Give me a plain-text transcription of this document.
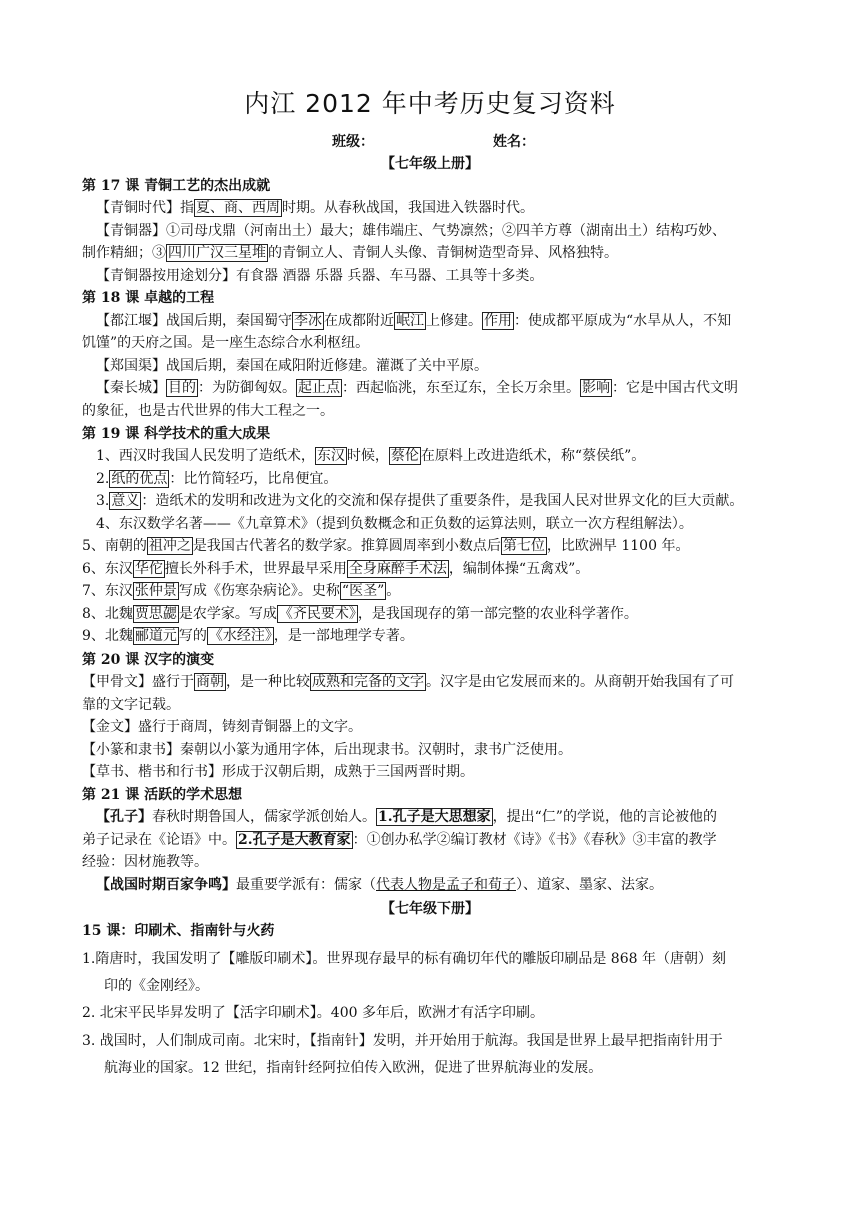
内江 2012 年中考历史复习资料
班级：	姓名：
【七年级上册】
第 17 课 青铜工艺的杰出成就
【青铜时代】指 夏、商、西周 时期。从春秋战国，我国进入铁器时代。
【青铜器】①司母戊鼎（河南出土）最大；雄伟端庄、气势凛然；②四羊方尊（湖南出土）结构巧妙、
制作精細；③ 四川广汉三星堆 的青铜立人、青铜人头像、青铜树造型奇异、风格独特。
【青铜器按用途划分】有食器 酒器 乐器 兵器、车马器、工具等十多类。
第 18 课 卓越的工程
【都江堰】战国后期，秦国蜀守 李冰 在成都附近 岷江 上修建。 作用 ：使成都平原成为“水旱从人，不知
饥馑”的天府之国。是一座生态综合水利枢纽。
【郑国渠】战国后期，秦国在咸阳附近修建。灌溉了关中平原。
【秦长城】 目的 ：为防御匈奴。 起止点 ：西起临洮，东至辽东，全长万余里。 影响 ：它是中国古代文明
的象征，也是古代世界的伟大工程之一。
第 19 课 科学技术的重大成果
1、西汉时我国人民发明了造纸术， 东汉 时候， 蔡伦 在原料上改进造纸术，称“蔡侯纸”。
2. 纸的优点 ：比竹简轻巧，比帛便宜。
3. 意义 ：造纸术的发明和改进为文化的交流和保存提供了重要条件，是我国人民对世界文化的巨大贡献。
4、东汉数学名著——《九章算术》（提到负数概念和正负数的运算法则，联立一次方程组解法）。
5、南朝的 祖冲之 是我国古代著名的数学家。推算圆周率到小数点后 第七位 ，比欧洲早 1100 年。
6、东汉 华佗 擅长外科手术，世界最早采用 全身麻醉手术法 ，编制体操“五禽戏”。
7、东汉 张仲景 写成《伤寒杂病论》。史称 “医圣” 。
8、北魏 贾思勰 是农学家。写成 《齐民要术》 ，是我国现存的第一部完整的农业科学著作。
9、北魏 郦道元 写的 《水经注》 ，是一部地理学专著。
第 20 课 汉字的演变
【甲骨文】盛行于 商朝 ，是一种比较 成熟和完备的文字 。汉字是由它发展而来的。从商朝开始我国有了可
靠的文字记载。
【金文】盛行于商周，铸刻青铜器上的文字。
【小篆和隶书】秦朝以小篆为通用字体，后出现隶书。汉朝时，隶书广泛使用。
【草书、楷书和行书】形成于汉朝后期，成熟于三国两晋时期。
第 21 课 活跃的学术思想
【孔子】春秋时期鲁国人，儒家学派创始人。 1.孔子是大思想家 ，提出“仁”的学说，他的言论被他的
弟子记录在《论语》中。 2.孔子是大教育家 ：①创办私学②编订教材《诗》《书》《春秋》③丰富的教学
经验：因材施教等。
【战国时期百家争鸣】最重要学派有：儒家（代表人物是孟子和荀子）、道家、墨家、法家。
【七年级下册】
15 课：印刷术、指南针与火药
1.隋唐时，我国发明了【雕版印刷术】。世界现存最早的标有确切年代的雕版印刷品是 868 年（唐朝）刻
印的《金刚经》。
2. 北宋平民毕昇发明了【活字印刷术】。400 多年后，欧洲才有活字印刷。
3. 战国时，人们制成司南。北宋时，【指南针】发明，并开始用于航海。我国是世界上最早把指南针用于
航海业的国家。12 世纪，指南针经阿拉伯传入欧洲，促进了世界航海业的发展。
